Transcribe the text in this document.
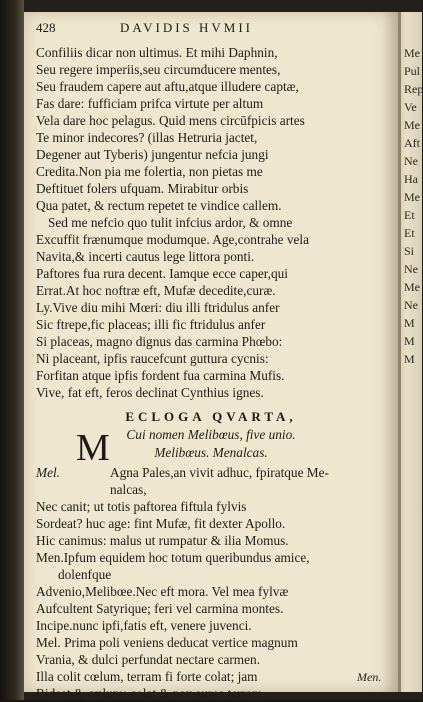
428	DAVIDIS HVMII
Confiliis dicar non ultimus. Et mihi Daphnin,
Seu regere imperiis,seu circumducere mentes,
Seu fraudem capere aut aftu,atque illudere captæ,
Fas dare: fufficiam prifca virtute per altum
Vela dare hoc pelagus. Quid mens circūfpicis artes
Te minor indecores? (illas Hetruria jactet,
Degener aut Tyberis) jungentur nefcia jungi
Credita.Non pia me folertia, non pietas me
Deftituet folers ufquam. Mirabitur orbis
Qua patet, & rectum repetet te vindice callem.
Sed me nefcio quo tulit infcius ardor, & omne
Excuffit frænumque modumque. Age,contrahe vela
Navita,& incerti cautus lege littora ponti.
Paftores fua rura decent. Iamque ecce caper,qui
Errat.At hoc noftræ eft, Mufæ decedite,curæ.
Ly.Vive diu mihi Mœri: diu illi ftridulus anfer
Sic ftrepe,fic placeas; illi fic ftridulus anfer
Si placeas, magno dignus das carmina Phœbo:
Ni placeant, ipfis raucefcunt guttura cycnis:
Forfitan atque ipfis fordent fua carmina Mufis.
Vive, fat eft, feros declinat Cynthius ignes.
ECLOGA QVARTA,
Cui nomen Melibœus, five unio.
Melibœus. Menalcas.
Mel.
M
Agna Pales,an vivit adhuc, fpiratque Me-
nalcas,
Nec canit; ut totis paftorea fiftula fylvis
Sordeat? huc age: fint Mufæ, fit dexter Apollo.
Hic canimus: malus ut rumpatur & ilia Momus.
Men.Ipfum equidem hoc totum queribundus amice,
dolenfque
Advenio,Melibœe.Nec eft mora. Vel mea fylvæ
Aufcultent Satyrique; feri vel carmina montes.
Incipe.nunc ipfi,fatis eft, venere juvenci.
Mel. Prima poli veniens deducat vertice magnum
Vrania, & dulci perfundat nectare carmen.
Illa colit cœlum, terram fi forte colat; jam
Rideat & cælum; colat & pax aurea terram.
Men.
Me
Pul
Rep
Ve
Me
Aft
Ne
Ha
Me
Et
Et
Si
Ne
Me
Ne
M
M
M
